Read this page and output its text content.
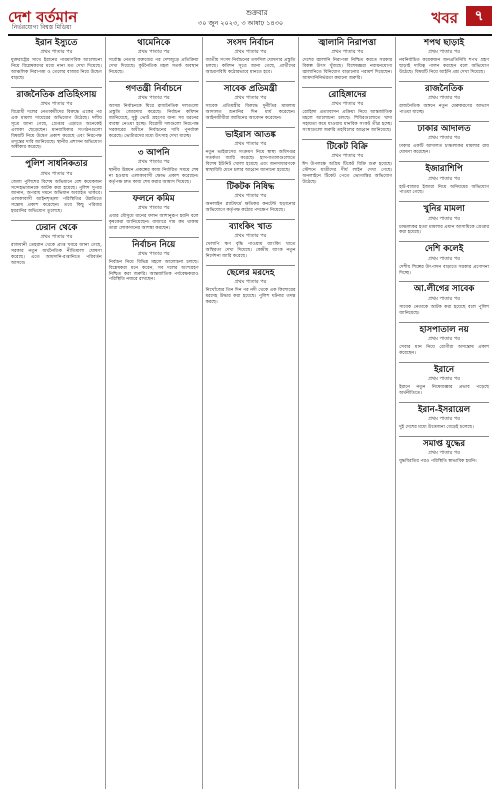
দেশ বর্তমান
নির্ভরযোগ্য বিশ্বস্ত মিডিয়া
শুক্রবার
৩০ জুন ২০২৩, ৩ আষাঢ় ১৪৩০	খবর	৭
ইরান ইস্যুতে
প্রথম পাতার পর

যুক্তরাষ্ট্রের সাথে ইরানের পারমাণবিক আলোচনা নিয়ে বিশ্লেষকদের মধ্যে নানা মত দেখা দিয়েছে। আঞ্চলিক নিরাপত্তা ও তেলের বাজার নিয়ে উদ্বেগ বাড়ছে।

রাজনৈতিক প্রতিহিংসায়
প্রথম পাতার পর

বিরোধী দলের নেতাকর্মীদের বিরুদ্ধে একের পর এক মামলা দায়েরের অভিযোগ উঠেছে। দলীয় সূত্রে জানা গেছে, গ্রেপ্তার এড়াতে অনেকেই এলাকা ছেড়েছেন। মানবাধিকার সংগঠনগুলো বিষয়টি নিয়ে উদ্বেগ প্রকাশ করেছে এবং নিরপেক্ষ তদন্তের দাবি জানিয়েছে। স্থানীয় প্রশাসন অভিযোগ অস্বীকার করেছে।

পুলিশ সাধনিকতার
প্রথম পাতার পর

জেলা পুলিশের বিশেষ অভিযানে বেশ কয়েকজন সন্দেহভাজনকে আটক করা হয়েছে। পুলিশ সুপার জানান, অপরাধ দমনে অভিযান অব্যাহত থাকবে। এলাকাবাসী আইনশৃঙ্খলা পরিস্থিতির উন্নতিতে সন্তোষ প্রকাশ করেছেন। তবে কিছু পরিবার হয়রানির অভিযোগ তুলেছে।

ঢেরান থেকে
প্রথম পাতার পর

রাজধানী তেহরান থেকে প্রাপ্ত খবরে জানা গেছে, সরকার নতুন অর্থনৈতিক নীতিমালা ঘোষণা করেছে। এতে আমদানি-রপ্তানিতে পরিবর্তন আসবে।

থামেনিকে
প্রথম পাতার পর

সর্বোচ্চ নেতার বক্তব্যের পর দেশজুড়ে প্রতিক্রিয়া দেখা দিয়েছে। কূটনৈতিক মহল সতর্ক অবস্থান নিয়েছে।

গণতন্ত্রী নির্বাচনে
প্রথম পাতার পর

আসন্ন নির্বাচনকে ঘিরে রাজনৈতিক দলগুলো প্রস্তুতি জোরদার করেছে। নির্বাচন কমিশন জানিয়েছে, সুষ্ঠু ভোট গ্রহণের জন্য সব ধরনের ব্যবস্থা নেওয়া হচ্ছে। বিরোধী দলগুলো নিরপেক্ষ সরকারের অধীনে নির্বাচনের দাবি পুনর্ব্যক্ত করেছে। ভোটারদের মধ্যে উৎসাহ দেখা যাচ্ছে।

৩ আপনি
প্রথম পাতার পর

স্থানীয় উন্নয়ন প্রকল্পের কাজ নির্ধারিত সময়ে শেষ না হওয়ায় এলাকাবাসী ক্ষোভ প্রকাশ করেছেন। কর্তৃপক্ষ দ্রুত কাজ শেষ করার আশ্বাস দিয়েছে।

ফলনে কমিম
প্রথম পাতার পর

এবার মৌসুমে ধানের ফলন আশানুরূপ হয়নি বলে কৃষকেরা জানিয়েছেন। বাজারে দাম কম থাকায় তারা লোকসানের আশঙ্কা করছেন।

নির্বাচন নিয়ে
প্রথম পাতার পর

নির্বাচন নিয়ে বিভিন্ন মহলে আলোচনা চলছে। বিশ্লেষকরা মনে করেন, সব দলের অংশগ্রহণ নিশ্চিত করা জরুরি। আন্তর্জাতিক পর্যবেক্ষকরাও পরিস্থিতি নজরে রাখছেন।

সংসদ নির্বাচন
প্রথম পাতার পর

জাতীয় সংসদ নির্বাচনের তফসিল ঘোষণার প্রস্তুতি চলছে। কমিশন সূত্রে জানা গেছে, প্রার্থীদের আচরণবিধি কঠোরভাবে মানতে হবে।

সাবেক প্রতিমন্ত্রী
প্রথম পাতার পর

সাবেক প্রতিমন্ত্রীর বিরুদ্ধে দুর্নীতির মামলায় আদালত শুনানির দিন ধার্য করেছেন। আইনজীবীরা জামিনের আবেদন করেছেন।

ভাইরাস আতঙ্ক
প্রথম পাতার পর

নতুন ভাইরাসের সংক্রমণ নিয়ে স্বাস্থ্য অধিদপ্তর সতর্কতা জারি করেছে। হাসপাতালগুলোতে বিশেষ ইউনিট খোলা হয়েছে এবং জনসাধারণকে স্বাস্থ্যবিধি মেনে চলার আহ্বান জানানো হয়েছে।

টিকটক নিষিদ্ধ
প্রথম পাতার পর

অনলাইন প্ল্যাটফর্মে ক্ষতিকর কনটেন্ট ছড়ানোর অভিযোগে কর্তৃপক্ষ কঠোর পদক্ষেপ নিয়েছে।

ব্যাংকিং খাত
প্রথম পাতার পর

খেলাপি ঋণ বৃদ্ধি পাওয়ায় ব্যাংকিং খাতে অস্থিরতা দেখা দিয়েছে। কেন্দ্রীয় ব্যাংক নতুন নির্দেশনা জারি করেছে।

ছেলের মরদেহ
প্রথম পাতার পর

নিখোঁজের তিন দিন পর নদী থেকে এক কিশোরের মরদেহ উদ্ধার করা হয়েছে। পুলিশ ঘটনার তদন্ত করছে।

জ্বালানি নিরাপত্তা
প্রথম পাতার পর

দেশের জ্বালানি নিরাপত্তা নিশ্চিত করতে সরকার বিকল্প উৎস খুঁজছে। বিশেষজ্ঞরা নবায়নযোগ্য জ্বালানিতে বিনিয়োগ বাড়ানোর পরামর্শ দিয়েছেন। আমদানিনির্ভরতা কমানো জরুরি।

রোহিঙ্গাদের
প্রথম পাতার পর

রোহিঙ্গা প্রত্যাবাসন প্রক্রিয়া নিয়ে আন্তর্জাতিক মহলে আলোচনা চলছে। শিবিরগুলোতে খাদ্য সহায়তা কমে যাওয়ায় মানবিক সংকট তীব্র হচ্ছে। সংস্থাগুলো জরুরি তহবিলের আহ্বান জানিয়েছে।

টিকেট বিক্রি
প্রথম পাতার পর

ঈদ উপলক্ষে অগ্রিম টিকেট বিক্রি শুরু হয়েছে। স্টেশনে যাত্রীদের দীর্ঘ লাইন দেখা গেছে। অনলাইনে টিকেট পেতে ভোগান্তির অভিযোগ উঠেছে।

শপথ ছাড়াই
প্রথম পাতার পর

নবনির্বাচিত কয়েকজন জনপ্রতিনিধি শপথ গ্রহণ ছাড়াই দায়িত্ব পালন করছেন বলে অভিযোগ উঠেছে। বিষয়টি নিয়ে আইনি প্রশ্ন দেখা দিয়েছে।

রাজনৈতিক
প্রথম পাতার পর

রাজনৈতিক অঙ্গনে নতুন মেরুকরণের আভাস পাওয়া যাচ্ছে।

ঢাকার আদালত
প্রথম পাতার পর

ঢাকার একটি আদালত চাঞ্চল্যকর মামলার রায় ঘোষণা করেছেন।

ইজারাশিপি
প্রথম পাতার পর

হাট-বাজার ইজারা নিয়ে অনিয়মের অভিযোগ পাওয়া গেছে।

খুনির মামলা
প্রথম পাতার পর

চাঞ্চল্যকর হত্যা মামলার প্রধান আসামিকে গ্রেপ্তার করা হয়েছে।

দেশি কলেই
প্রথম পাতার পর

দেশীয় শিল্পের উৎপাদন বাড়াতে সরকার প্রণোদনা দিচ্ছে।

আ.লীগের সাবেক
প্রথম পাতার পর

সাবেক নেতাকে আটক করা হয়েছে বলে পুলিশ জানিয়েছে।

হাসপাতাল নয়
প্রথম পাতার পর

সেবার মান নিয়ে রোগীরা অসন্তোষ প্রকাশ করেছেন।

ইরানে
প্রথম পাতার পর

ইরানে নতুন নিষেধাজ্ঞার প্রভাব পড়েছে অর্থনীতিতে।

ইরান-ইসরায়েল
প্রথম পাতার পর

দুই দেশের মধ্যে উত্তেজনা বেড়েই চলেছে।

সমাপ্ত যুদ্ধের
প্রথম পাতার পর

যুদ্ধবিরতির পরও পরিস্থিতি স্বাভাবিক হয়নি।
